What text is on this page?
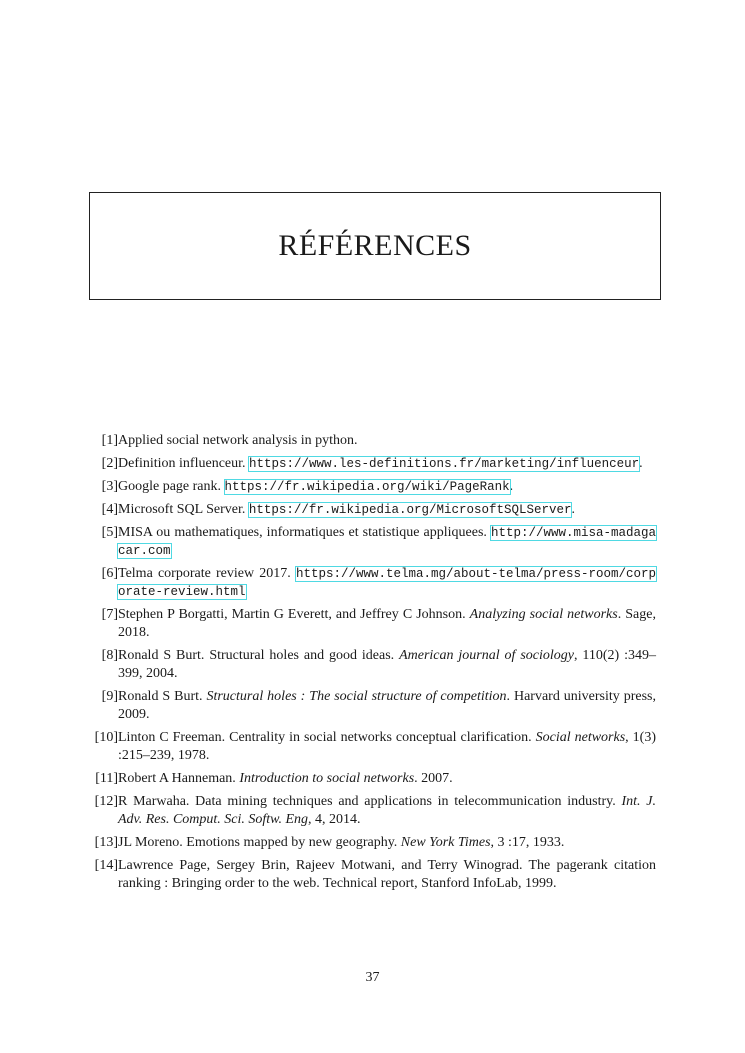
RÉFÉRENCES
[1] Applied social network analysis in python.
[2] Definition influenceur. https://www.les-definitions.fr/marketing/influenceur.
[3] Google page rank. https://fr.wikipedia.org/wiki/PageRank.
[4] Microsoft SQL Server. https://fr.wikipedia.org/MicrosoftSQLServer.
[5] MISA ou mathematiques, informatiques et statistique appliquees. http://www.misa-madagacar.com
[6] Telma corporate review 2017. https://www.telma.mg/about-telma/press-room/corporate-review.html
[7] Stephen P Borgatti, Martin G Everett, and Jeffrey C Johnson. Analyzing social networks. Sage, 2018.
[8] Ronald S Burt. Structural holes and good ideas. American journal of sociology, 110(2) :349–399, 2004.
[9] Ronald S Burt. Structural holes : The social structure of competition. Harvard university press, 2009.
[10] Linton C Freeman. Centrality in social networks conceptual clarification. Social networks, 1(3) :215–239, 1978.
[11] Robert A Hanneman. Introduction to social networks. 2007.
[12] R Marwaha. Data mining techniques and applications in telecommunication industry. Int. J. Adv. Res. Comput. Sci. Softw. Eng, 4, 2014.
[13] JL Moreno. Emotions mapped by new geography. New York Times, 3 :17, 1933.
[14] Lawrence Page, Sergey Brin, Rajeev Motwani, and Terry Winograd. The pagerank citation ranking : Bringing order to the web. Technical report, Stanford InfoLab, 1999.
37
